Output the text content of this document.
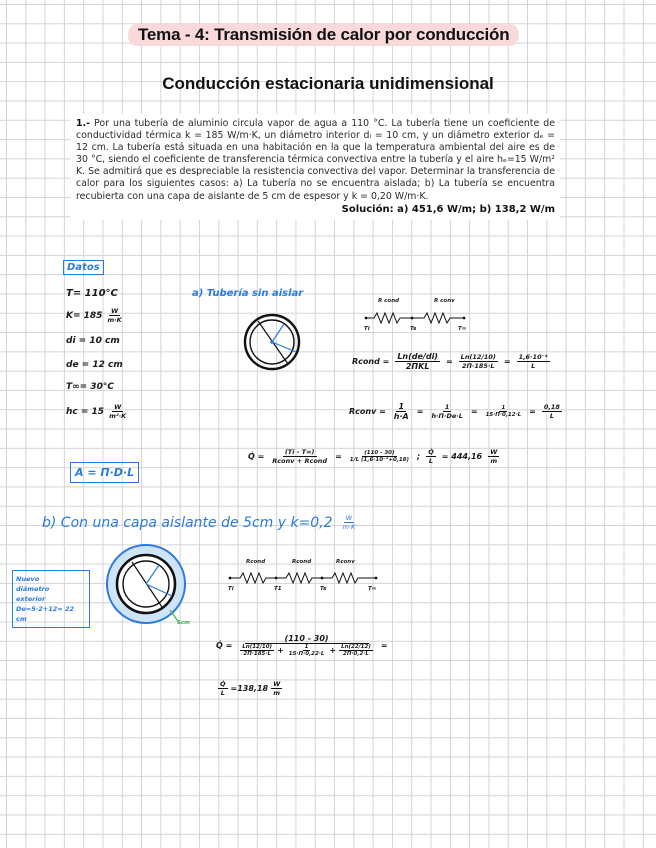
Tema - 4: Transmisión de calor por conducción
Conducción estacionaria unidimensional
1.- Por una tubería de aluminio circula vapor de agua a 110 °C. La tubería tiene un coeficiente de conductividad térmica k = 185 W/m·K, un diámetro interior dᵢ = 10 cm, y un diámetro exterior dₑ = 12 cm. La tubería está situada en una habitación en la que la temperatura ambiental del aire es de 30 °C, siendo el coeficiente de transferencia térmica convectiva entre la tubería y el aire hₑ=15 W/m² K. Se admitirá que es despreciable la resistencia convectiva del vapor. Determinar la transferencia de calor para los siguientes casos: a) La tubería no se encuentra aislada; b) La tubería se encuentra recubierta con una capa de aislante de 5 cm de espesor y k = 0,20 W/m·K.
Solución: a) 451,6 W/m; b) 138,2 W/m
Datos
T= 110°C
$K= 185 \frac{W}{m\cdot K}$
di = 10 cm
de = 12 cm
T∞= 30°C
hc = $15 \frac{W}{\text{m²·K}}$
A = Π·D·L
a) Tubería sin aislar
R cond	R conv
Ti	Ts	T∞
Rcond = $\frac{Ln(de/di)}{\text{2ΠKL}} = \frac{Ln(12/10)}{2\Pi\cdot 185\cdot L} = \frac{\text{1,6·10⁻⁴}}{L}$
Rconv = $\frac{1}{h\cdot A} = \frac{1}{h\cdot\Pi\cdot De\cdot L} = \frac{1}{15\cdot\Pi\cdot 0,12\cdot L} = \frac{0,18}{L}$
Q̇ = $\frac{(Ti - T\infty)}{\text{Rconv + Rcond}} = \frac{(110 - 30)}{\text{1/L (1,6·10⁻⁴+0,18)}}$ ; $\frac{Q̇}{L} = 444,16 \frac{W}{m}$
b) Con una capa aislante de 5cm y $k=0,2 \frac{W}{m\cdot K}$
Nuevo
diámetro
exterior
De=5·2+12= 22 cm	5cm
Rcond	Rcond	Rconv
Ti	T1	Ts	T∞
Q̇ =
(110 - 30)
$\frac{Ln(12/10)}{2\Pi\cdot 185\cdot L} + \frac{1}{15\cdot\Pi\cdot 0,22\cdot L} + \frac{Ln(22/12)}{2\Pi\cdot 0,2\cdot L}$ =
$\frac{Q̇}{L} =138,18 \frac{W}{m}$
